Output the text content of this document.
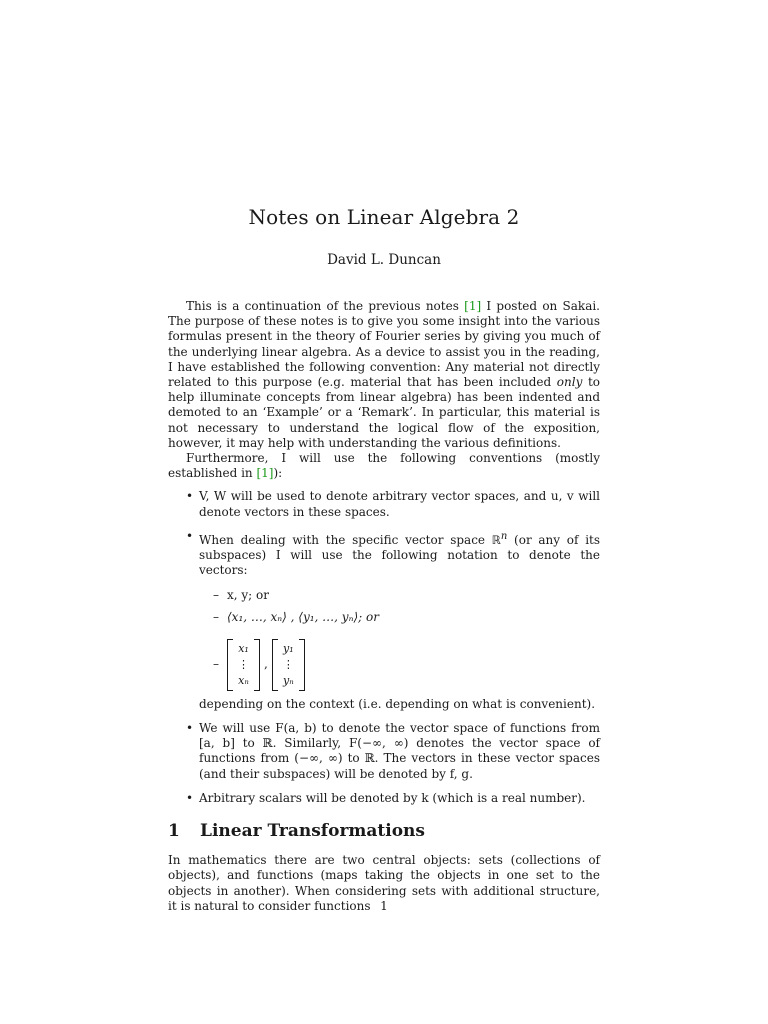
Notes on Linear Algebra 2
David L. Duncan

This is a continuation of the previous notes [1] I posted on Sakai. The purpose of these notes is to give you some insight into the various formulas present in the theory of Fourier series by giving you much of the underlying linear algebra. As a device to assist you in the reading, I have established the following convention: Any material not directly related to this purpose (e.g. material that has been included only to help illuminate concepts from linear algebra) has been indented and demoted to an ‘Example’ or a ‘Remark’. In particular, this material is not necessary to understand the logical flow of the exposition, however, it may help with understanding the various definitions.

Furthermore, I will use the following conventions (mostly established in [1]):

• V, W will be used to denote arbitrary vector spaces, and u, v will denote vectors in these spaces.
• When dealing with the specific vector space ℝ$^n$ (or any of its subspaces) I will use the following notation to denote the vectors:
– x, y; or
– ⟨x₁, …, xₙ⟩ , ⟨y₁, …, yₙ⟩; or
–
x₁
⋮
xₙ
,
y₁
⋮
yₙ
depending on the context (i.e. depending on what is convenient).
• We will use F(a, b) to denote the vector space of functions from [a, b] to ℝ. Similarly, F(−∞, ∞) denotes the vector space of functions from (−∞, ∞) to ℝ. The vectors in these vector spaces (and their subspaces) will be denoted by f, g.
• Arbitrary scalars will be denoted by k (which is a real number).
1 Linear Transformations

In mathematics there are two central objects: sets (collections of objects), and functions (maps taking the objects in one set to the objects in another). When considering sets with additional structure, it is natural to consider functions 1
